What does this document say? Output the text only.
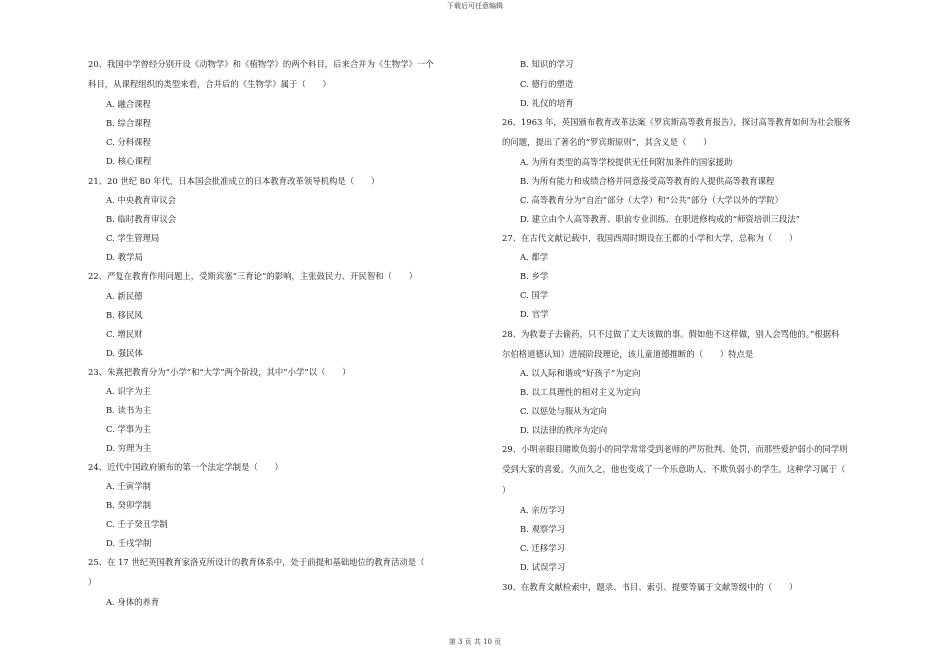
下载后可任意编辑
20、我国中学曾经分别开设《动物学》和《植物学》的两个科目，后来合并为《生物学》一个
科目，从课程组织的类型来看，合并后的《生物学》属于（　　）
A. 融合课程
B. 综合课程
C. 分科课程
D. 核心课程
21、20 世纪 80 年代，日本国会批准成立的日本教育改革领导机构是（　　）
A. 中央教育审议会
B. 临时教育审议会
C. 学生管理局
D. 教学局
22、严复在教育作用问题上，受斯宾塞“三育论”的影响，主张鼓民力、开民智和（　　）
A. 新民德
B. 移民风
C. 增民财
D. 强民体
23、朱熹把教育分为“小学”和“大学”两个阶段，其中“小学”以（　　）
A. 识字为主
B. 读书为主
C. 学事为主
D. 穷理为主
24、近代中国政府颁布的第一个法定学制是（　　）
A. 壬寅学制
B. 癸卯学制
C. 壬子癸丑学制
D. 壬戌学制
25、在 17 世纪英国教育家洛克所设计的教育体系中，处于前提和基础地位的教育活动是（
）
A. 身体的养育
B. 知识的学习
C. 德行的塑造
D. 礼仪的培育
26、1963 年，英国颁布教育改革法案《罗宾斯高等教育报告》，探讨高等教育如何为社会服务
的问题，提出了著名的“罗宾斯原则”，其含义是（　　）
A. 为所有类型的高等学校提供无任何附加条件的国家援助
B. 为所有能力和成绩合格并同意接受高等教育的人提供高等教育课程
C. 高等教育分为“自治”部分（大学）和“公共”部分（大学以外的学院）
D. 建立由个人高等教育、职前专业训练、在职进修构成的“师资培训三段法”
27、在古代文献记载中，我国西周时期设在王都的小学和大学，总称为（　　）
A. 都学
B. 乡学
C. 国学
D. 官学
28、为救妻子去偷药，只不过做了丈夫该做的事。假如他不这样做，别人会骂他的。”根据科
尔伯格道德认知）进展阶段理论，该儿童道德推断的（　　）特点是
A. 以人际和谐或“好孩子”为定向
B. 以工具理性的相对主义为定向
C. 以惩处与服从为定向
D. 以法律的秩序为定向
29、小明亲眼目睹欺负弱小的同学常常受到老师的严厉批判、处罚，而那些爱护弱小的同学则
受到大家的喜爱。久而久之，他也变成了一个乐意助人、不欺负弱小的学生。这种学习属于（
）
A. 亲历学习
B. 观察学习
C. 迁移学习
D. 试误学习
30、在教育文献检索中，题录、书目、索引、提要等属于文献等级中的（　　）
第 3 页 共 10 页
